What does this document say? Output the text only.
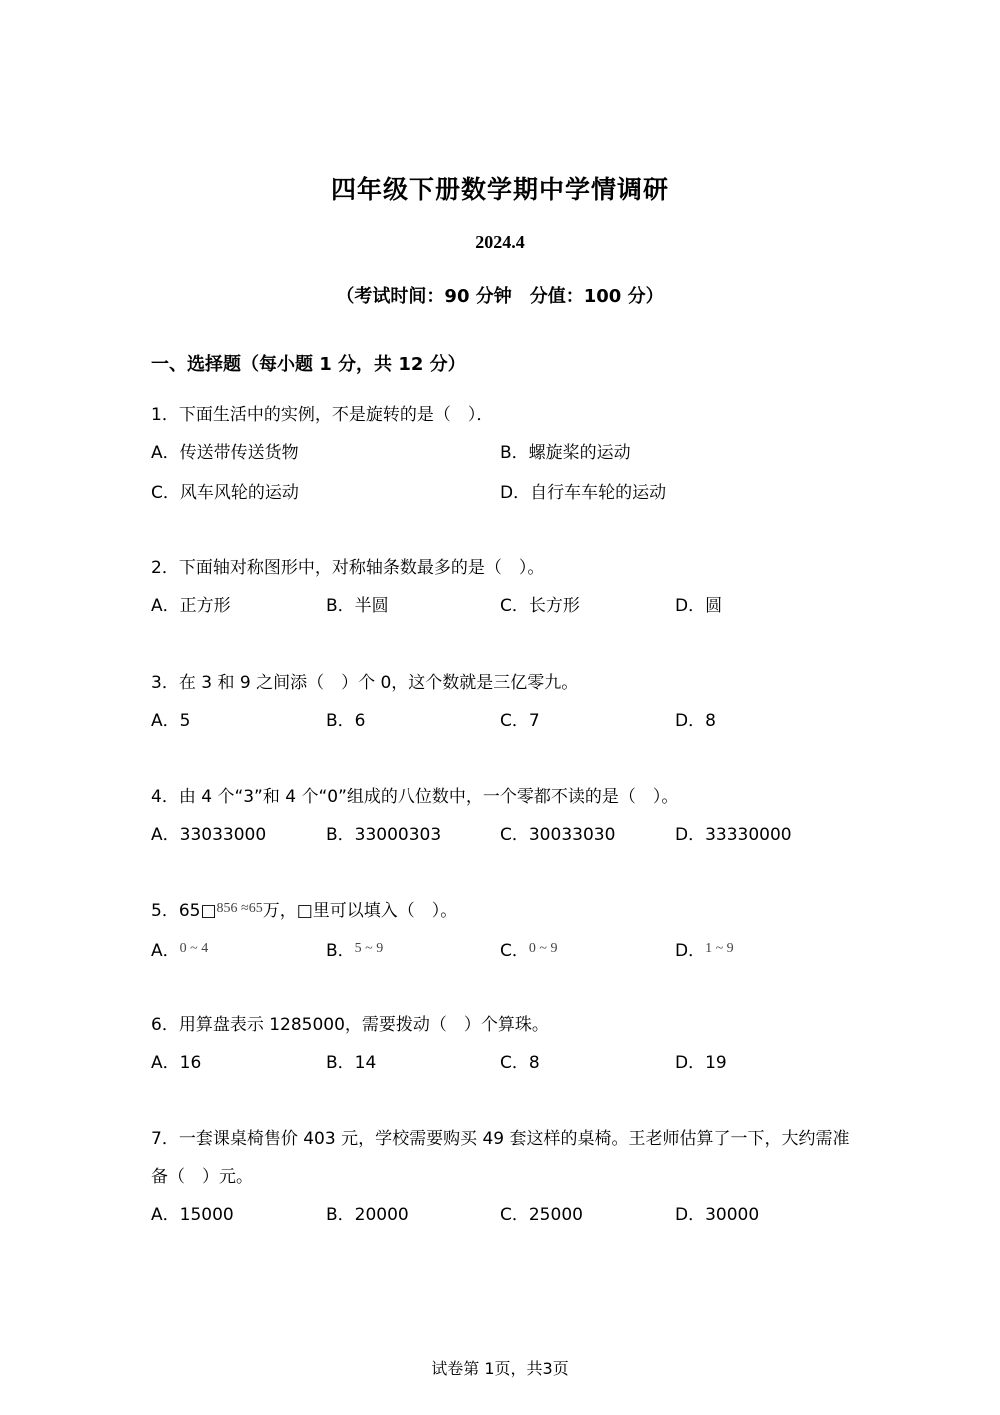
四年级下册数学期中学情调研
2024.4
（考试时间：90 分钟　分值：100 分）
一、选择题（每小题 1 分，共 12 分）
1．下面生活中的实例，不是旋转的是（　）．
A．传送带传送货物	B．螺旋桨的运动
C．风车风轮的运动	D．自行车车轮的运动
2．下面轴对称图形中，对称轴条数最多的是（　）。
A．正方形	B．半圆	C．长方形	D．圆
3．在 3 和 9 之间添（　）个 0，这个数就是三亿零九。
A．5	B．6	C．7	D．8
4．由 4 个“3”和 4 个“0”组成的八位数中，一个零都不读的是（　）。
A．33033000	B．33000303	C．30033030	D．33330000
5．65□$^{856 \approx 65}$万，□里可以填入（　）。
A．$^{0 \sim 4}$	B．$^{5 \sim 9}$	C．$^{0 \sim 9}$	D．$^{1 \sim 9}$
6．用算盘表示 1285000，需要拨动（　）个算珠。
A．16	B．14	C．8	D．19
7．一套课桌椅售价 403 元，学校需要购买 49 套这样的桌椅。王老师估算了一下，大约需准备（　）元。
A．15000	B．20000	C．25000	D．30000
试卷第 1页，共3页
